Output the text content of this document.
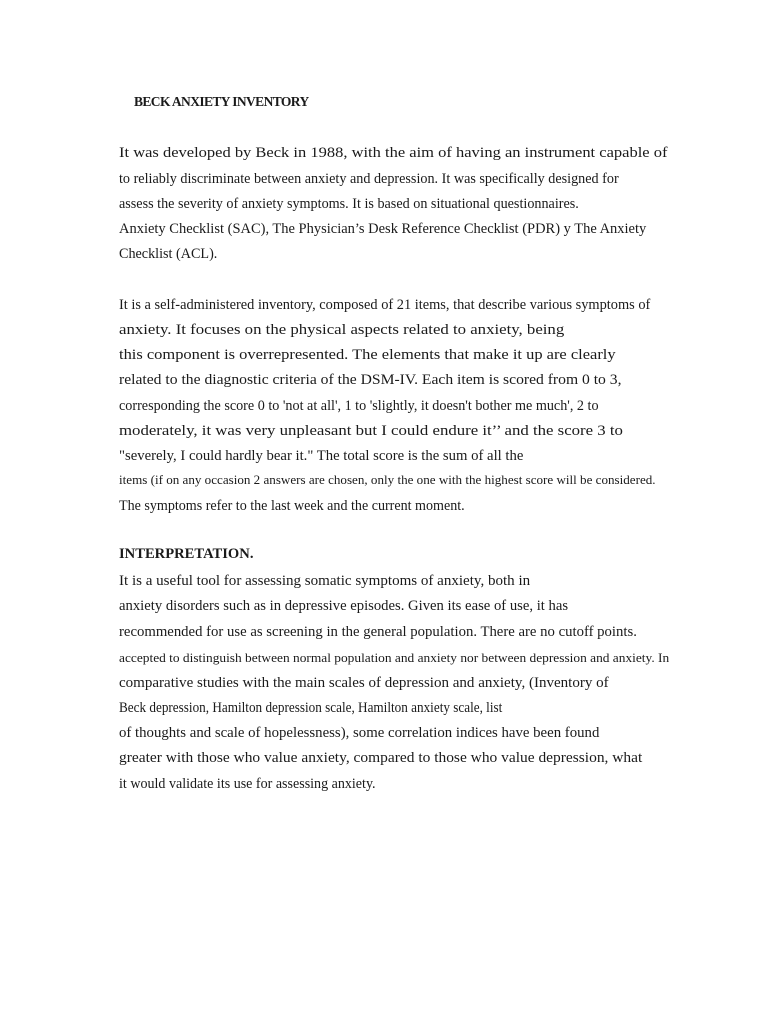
BECK ANXIETY INVENTORY
It was developed by Beck in 1988, with the aim of having an instrument capable of
to reliably discriminate between anxiety and depression. It was specifically designed for
assess the severity of anxiety symptoms. It is based on situational questionnaires.
Anxiety Checklist (SAC), The Physician’s Desk Reference Checklist (PDR) y The Anxiety
Checklist (ACL).
It is a self-administered inventory, composed of 21 items, that describe various symptoms of
anxiety. It focuses on the physical aspects related to anxiety, being
this component is overrepresented. The elements that make it up are clearly
related to the diagnostic criteria of the DSM-IV. Each item is scored from 0 to 3,
corresponding the score 0 to 'not at all', 1 to 'slightly, it doesn't bother me much', 2 to
moderately, it was very unpleasant but I could endure it’’ and the score 3 to
"severely, I could hardly bear it." The total score is the sum of all the
items (if on any occasion 2 answers are chosen, only the one with the highest score will be considered.
The symptoms refer to the last week and the current moment.
INTERPRETATION.
It is a useful tool for assessing somatic symptoms of anxiety, both in
anxiety disorders such as in depressive episodes. Given its ease of use, it has
recommended for use as screening in the general population. There are no cutoff points.
accepted to distinguish between normal population and anxiety nor between depression and anxiety. In
comparative studies with the main scales of depression and anxiety, (Inventory of
Beck depression, Hamilton depression scale, Hamilton anxiety scale, list
of thoughts and scale of hopelessness), some correlation indices have been found
greater with those who value anxiety, compared to those who value depression, what
it would validate its use for assessing anxiety.
